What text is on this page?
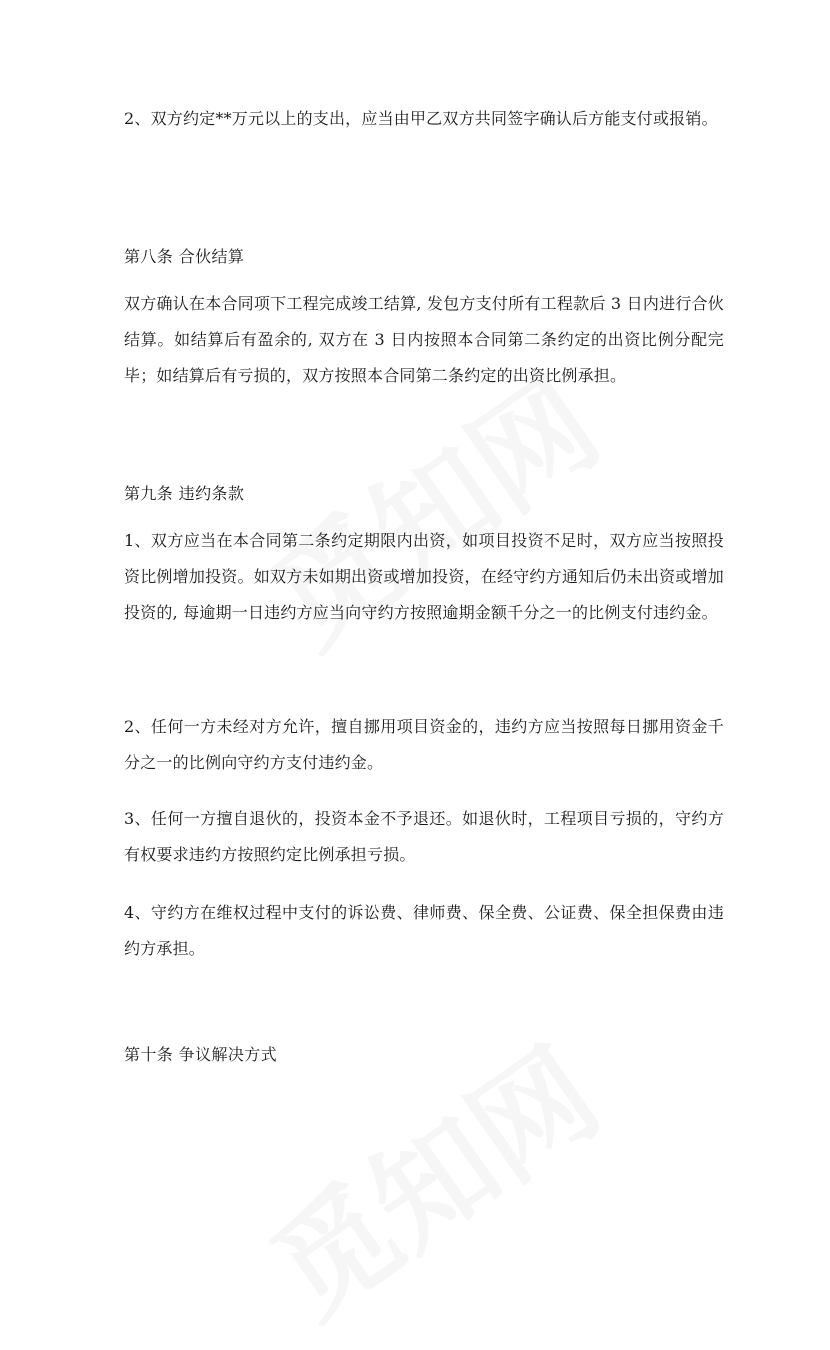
2、双方约定**万元以上的支出，应当由甲乙双方共同签字确认后方能支付或报销。
第八条 合伙结算
双方确认在本合同项下工程完成竣工结算, 发包方支付所有工程款后 3 日内进行合伙结算。如结算后有盈余的, 双方在 3 日内按照本合同第二条约定的出资比例分配完毕；如结算后有亏损的，双方按照本合同第二条约定的出资比例承担。
第九条 违约条款
1、双方应当在本合同第二条约定期限内出资，如项目投资不足时，双方应当按照投资比例增加投资。如双方未如期出资或增加投资，在经守约方通知后仍未出资或增加投资的, 每逾期一日违约方应当向守约方按照逾期金额千分之一的比例支付违约金。
2、任何一方未经对方允许，擅自挪用项目资金的，违约方应当按照每日挪用资金千分之一的比例向守约方支付违约金。
3、任何一方擅自退伙的，投资本金不予退还。如退伙时，工程项目亏损的，守约方有权要求违约方按照约定比例承担亏损。
4、守约方在维权过程中支付的诉讼费、律师费、保全费、公证费、保全担保费由违约方承担。
第十条 争议解决方式
